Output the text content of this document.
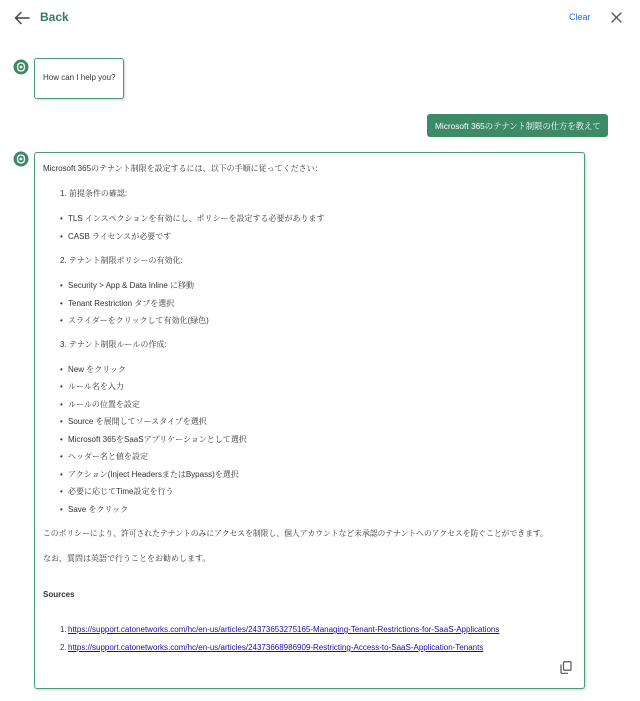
Back	Clear
How can I help you?
Microsoft 365のテナント制限の仕方を教えて
Microsoft 365のテナント制限を設定するには、以下の手順に従ってください：
1. 前提条件の確認:
• TLS インスペクションを有効にし、ポリシーを設定する必要があります
• CASB ライセンスが必要です
2. テナント制限ポリシーの有効化:
• Security > App & Data Inline に移動
• Tenant Restriction タブを選択
• スライダーをクリックして有効化(緑色)
3. テナント制限ルールの作成:
• New をクリック
• ルール名を入力
• ルールの位置を設定
• Source を展開してソースタイプを選択
• Microsoft 365をSaaSアプリケーションとして選択
• ヘッダー名と値を設定
• アクション(Inject HeadersまたはBypass)を選択
• 必要に応じてTime設定を行う
• Save をクリック
このポリシーにより、許可されたテナントのみにアクセスを制限し、個人アカウントなど未承認のテナントへのアクセスを防ぐことができます。
なお、質問は英語で行うことをお勧めします。
Sources
1. https://support.catonetworks.com/hc/en-us/articles/24373653275165-Managing-Tenant-Restrictions-for-SaaS-Applications
2. https://support.catonetworks.com/hc/en-us/articles/24373668986909-Restricting-Access-to-SaaS-Application-Tenants
